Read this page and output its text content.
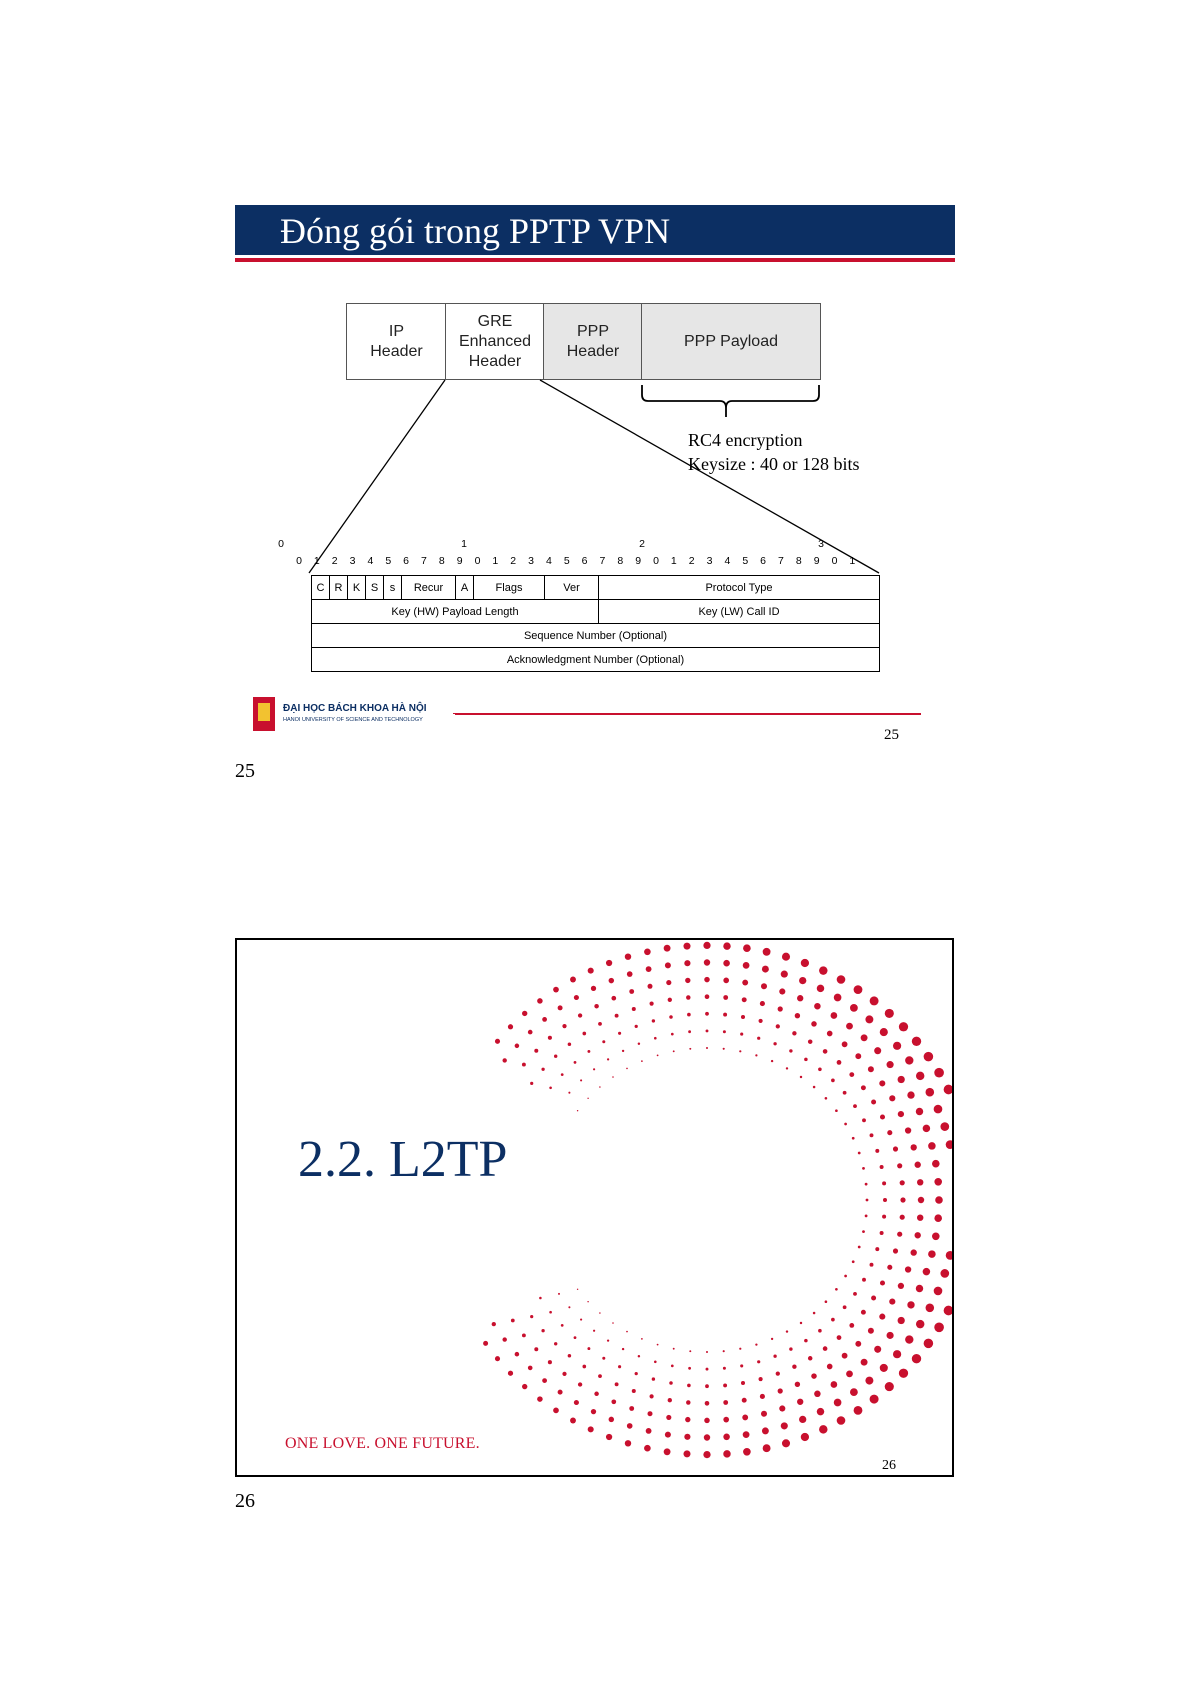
Đóng gói trong PPTP VPN
IP
Header
GRE
Enhanced
Header
PPP
Header
PPP Payload
RC4 encryption
Keysize : 40 or 128 bits
0	1	2	3
0 1 2 3 4 5 6 7 8 9 0 1 2 3 4 5 6 7 8 9 0 1 2 3 4 5 6 7 8 9 0 1
C	R	K	S	s	Recur	A	Flags	Ver	Protocol Type
Key (HW) Payload Length									Key (LW) Call ID
Sequence Number (Optional)									
Acknowledgment Number (Optional)									
ĐẠI HỌC BÁCH KHOA HÀ NỘI
HANOI UNIVERSITY OF SCIENCE AND TECHNOLOGY
25
25
2.2. L2TP
ONE LOVE. ONE FUTURE.
26
26
